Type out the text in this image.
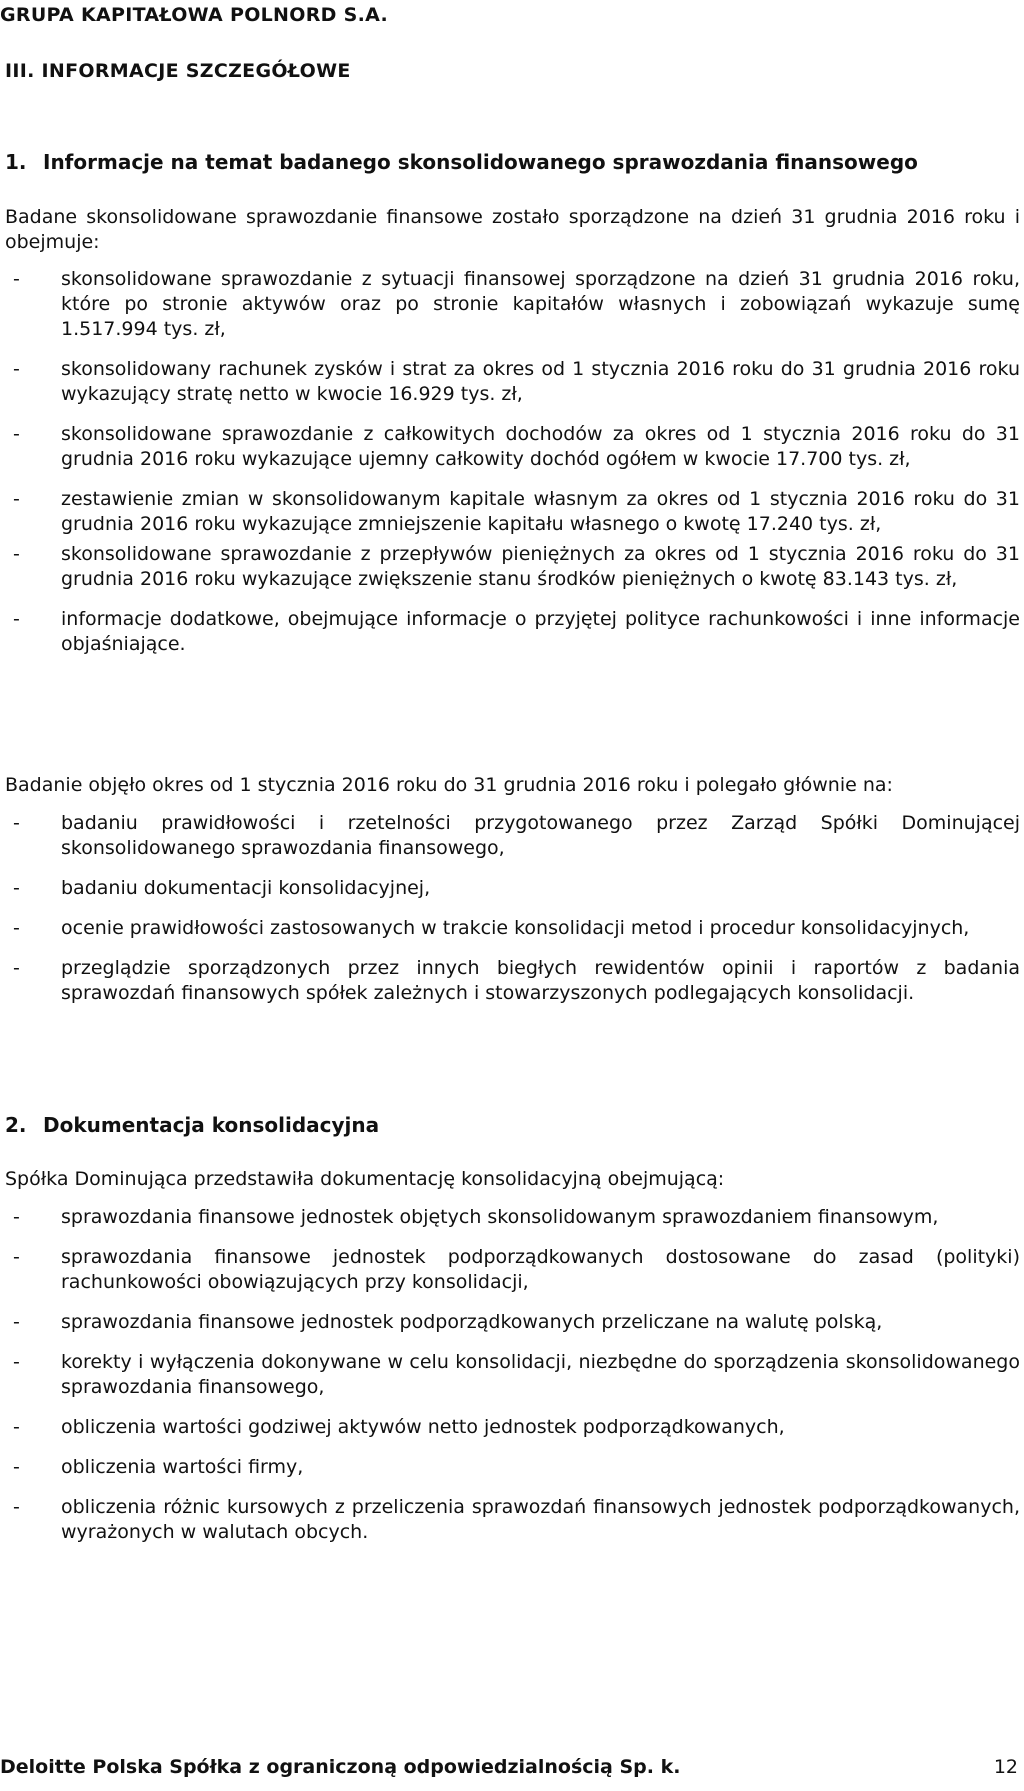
GRUPA KAPITAŁOWA POLNORD S.A.
III. INFORMACJE SZCZEGÓŁOWE
1. Informacje na temat badanego skonsolidowanego sprawozdania finansowego
Badane skonsolidowane sprawozdanie finansowe zostało sporządzone na dzień 31 grudnia 2016 roku i obejmuje:
- skonsolidowane sprawozdanie z sytuacji finansowej sporządzone na dzień 31 grudnia 2016 roku, które po stronie aktywów oraz po stronie kapitałów własnych i zobowiązań wykazuje sumę 1.517.994 tys. zł,
- skonsolidowany rachunek zysków i strat za okres od 1 stycznia 2016 roku do 31 grudnia 2016 roku wykazujący stratę netto w kwocie 16.929 tys. zł,
- skonsolidowane sprawozdanie z całkowitych dochodów za okres od 1 stycznia 2016 roku do 31 grudnia 2016 roku wykazujące ujemny całkowity dochód ogółem w kwocie 17.700 tys. zł,
- zestawienie zmian w skonsolidowanym kapitale własnym za okres od 1 stycznia 2016 roku do 31 grudnia 2016 roku wykazujące zmniejszenie kapitału własnego o kwotę 17.240 tys. zł,
- skonsolidowane sprawozdanie z przepływów pieniężnych za okres od 1 stycznia 2016 roku do 31 grudnia 2016 roku wykazujące zwiększenie stanu środków pieniężnych o kwotę 83.143 tys. zł,
- informacje dodatkowe, obejmujące informacje o przyjętej polityce rachunkowości i inne informacje objaśniające.
Badanie objęło okres od 1 stycznia 2016 roku do 31 grudnia 2016 roku i polegało głównie na:
- badaniu prawidłowości i rzetelności przygotowanego przez Zarząd Spółki Dominującej skonsolidowanego sprawozdania finansowego,
- badaniu dokumentacji konsolidacyjnej,
- ocenie prawidłowości zastosowanych w trakcie konsolidacji metod i procedur konsolidacyjnych,
- przeglądzie sporządzonych przez innych biegłych rewidentów opinii i raportów z badania sprawozdań finansowych spółek zależnych i stowarzyszonych podlegających konsolidacji.
2. Dokumentacja konsolidacyjna
Spółka Dominująca przedstawiła dokumentację konsolidacyjną obejmującą:
- sprawozdania finansowe jednostek objętych skonsolidowanym sprawozdaniem finansowym,
- sprawozdania finansowe jednostek podporządkowanych dostosowane do zasad (polityki) rachunkowości obowiązujących przy konsolidacji,
- sprawozdania finansowe jednostek podporządkowanych przeliczane na walutę polską,
- korekty i wyłączenia dokonywane w celu konsolidacji, niezbędne do sporządzenia skonsolidowanego sprawozdania finansowego,
- obliczenia wartości godziwej aktywów netto jednostek podporządkowanych,
- obliczenia wartości firmy,
- obliczenia różnic kursowych z przeliczenia sprawozdań finansowych jednostek podporządkowanych, wyrażonych w walutach obcych.
Deloitte Polska Spółka z ograniczoną odpowiedzialnością Sp. k.	12
